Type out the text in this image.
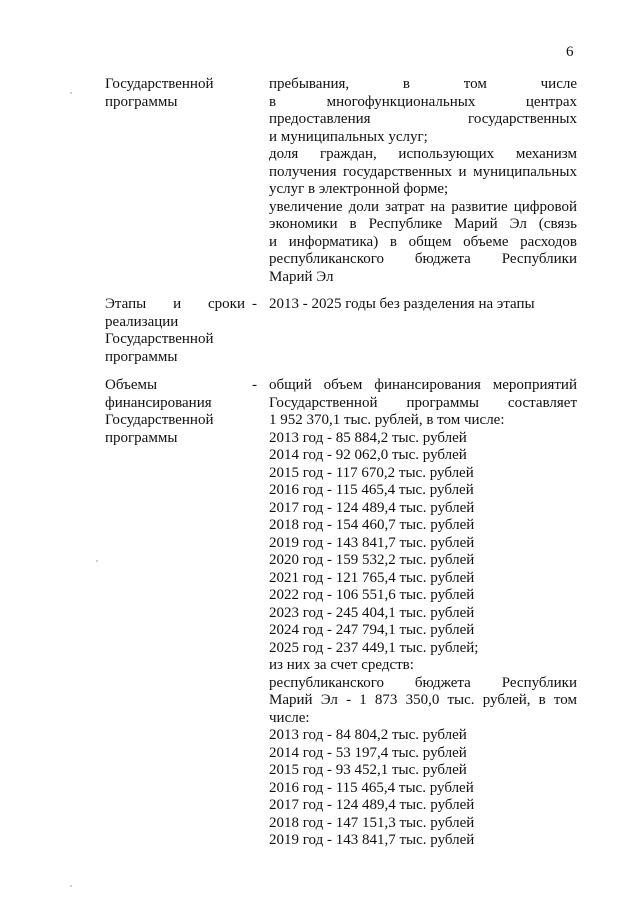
6
Государственной
программы
пребывания, в том числе
в многофункциональных центрах
предоставления государственных
и муниципальных услуг;
доля граждан, использующих механизм
получения государственных и муниципальных
услуг в электронной форме;
увеличение доли затрат на развитие цифровой
экономики в Республике Марий Эл (связь
и информатика) в общем объеме расходов
республиканского бюджета Республики
Марий Эл
Этапы и сроки
реализации
Государственной
программы
- 2013 - 2025 годы без разделения на этапы
Объемы
финансирования
Государственной
программы
- общий объем финансирования мероприятий
Государственной программы составляет
1 952 370,1 тыс. рублей, в том числе:
2013 год - 85 884,2 тыс. рублей
2014 год - 92 062,0 тыс. рублей
2015 год - 117 670,2 тыс. рублей
2016 год - 115 465,4 тыс. рублей
2017 год - 124 489,4 тыс. рублей
2018 год - 154 460,7 тыс. рублей
2019 год - 143 841,7 тыс. рублей
2020 год - 159 532,2 тыс. рублей
2021 год - 121 765,4 тыс. рублей
2022 год - 106 551,6 тыс. рублей
2023 год - 245 404,1 тыс. рублей
2024 год - 247 794,1 тыс. рублей
2025 год - 237 449,1 тыс. рублей;
из них за счет средств:
республиканского бюджета Республики
Марий Эл - 1 873 350,0 тыс. рублей, в том
числе:
2013 год - 84 804,2 тыс. рублей
2014 год - 53 197,4 тыс. рублей
2015 год - 93 452,1 тыс. рублей
2016 год - 115 465,4 тыс. рублей
2017 год - 124 489,4 тыс. рублей
2018 год - 147 151,3 тыс. рублей
2019 год - 143 841,7 тыс. рублей
